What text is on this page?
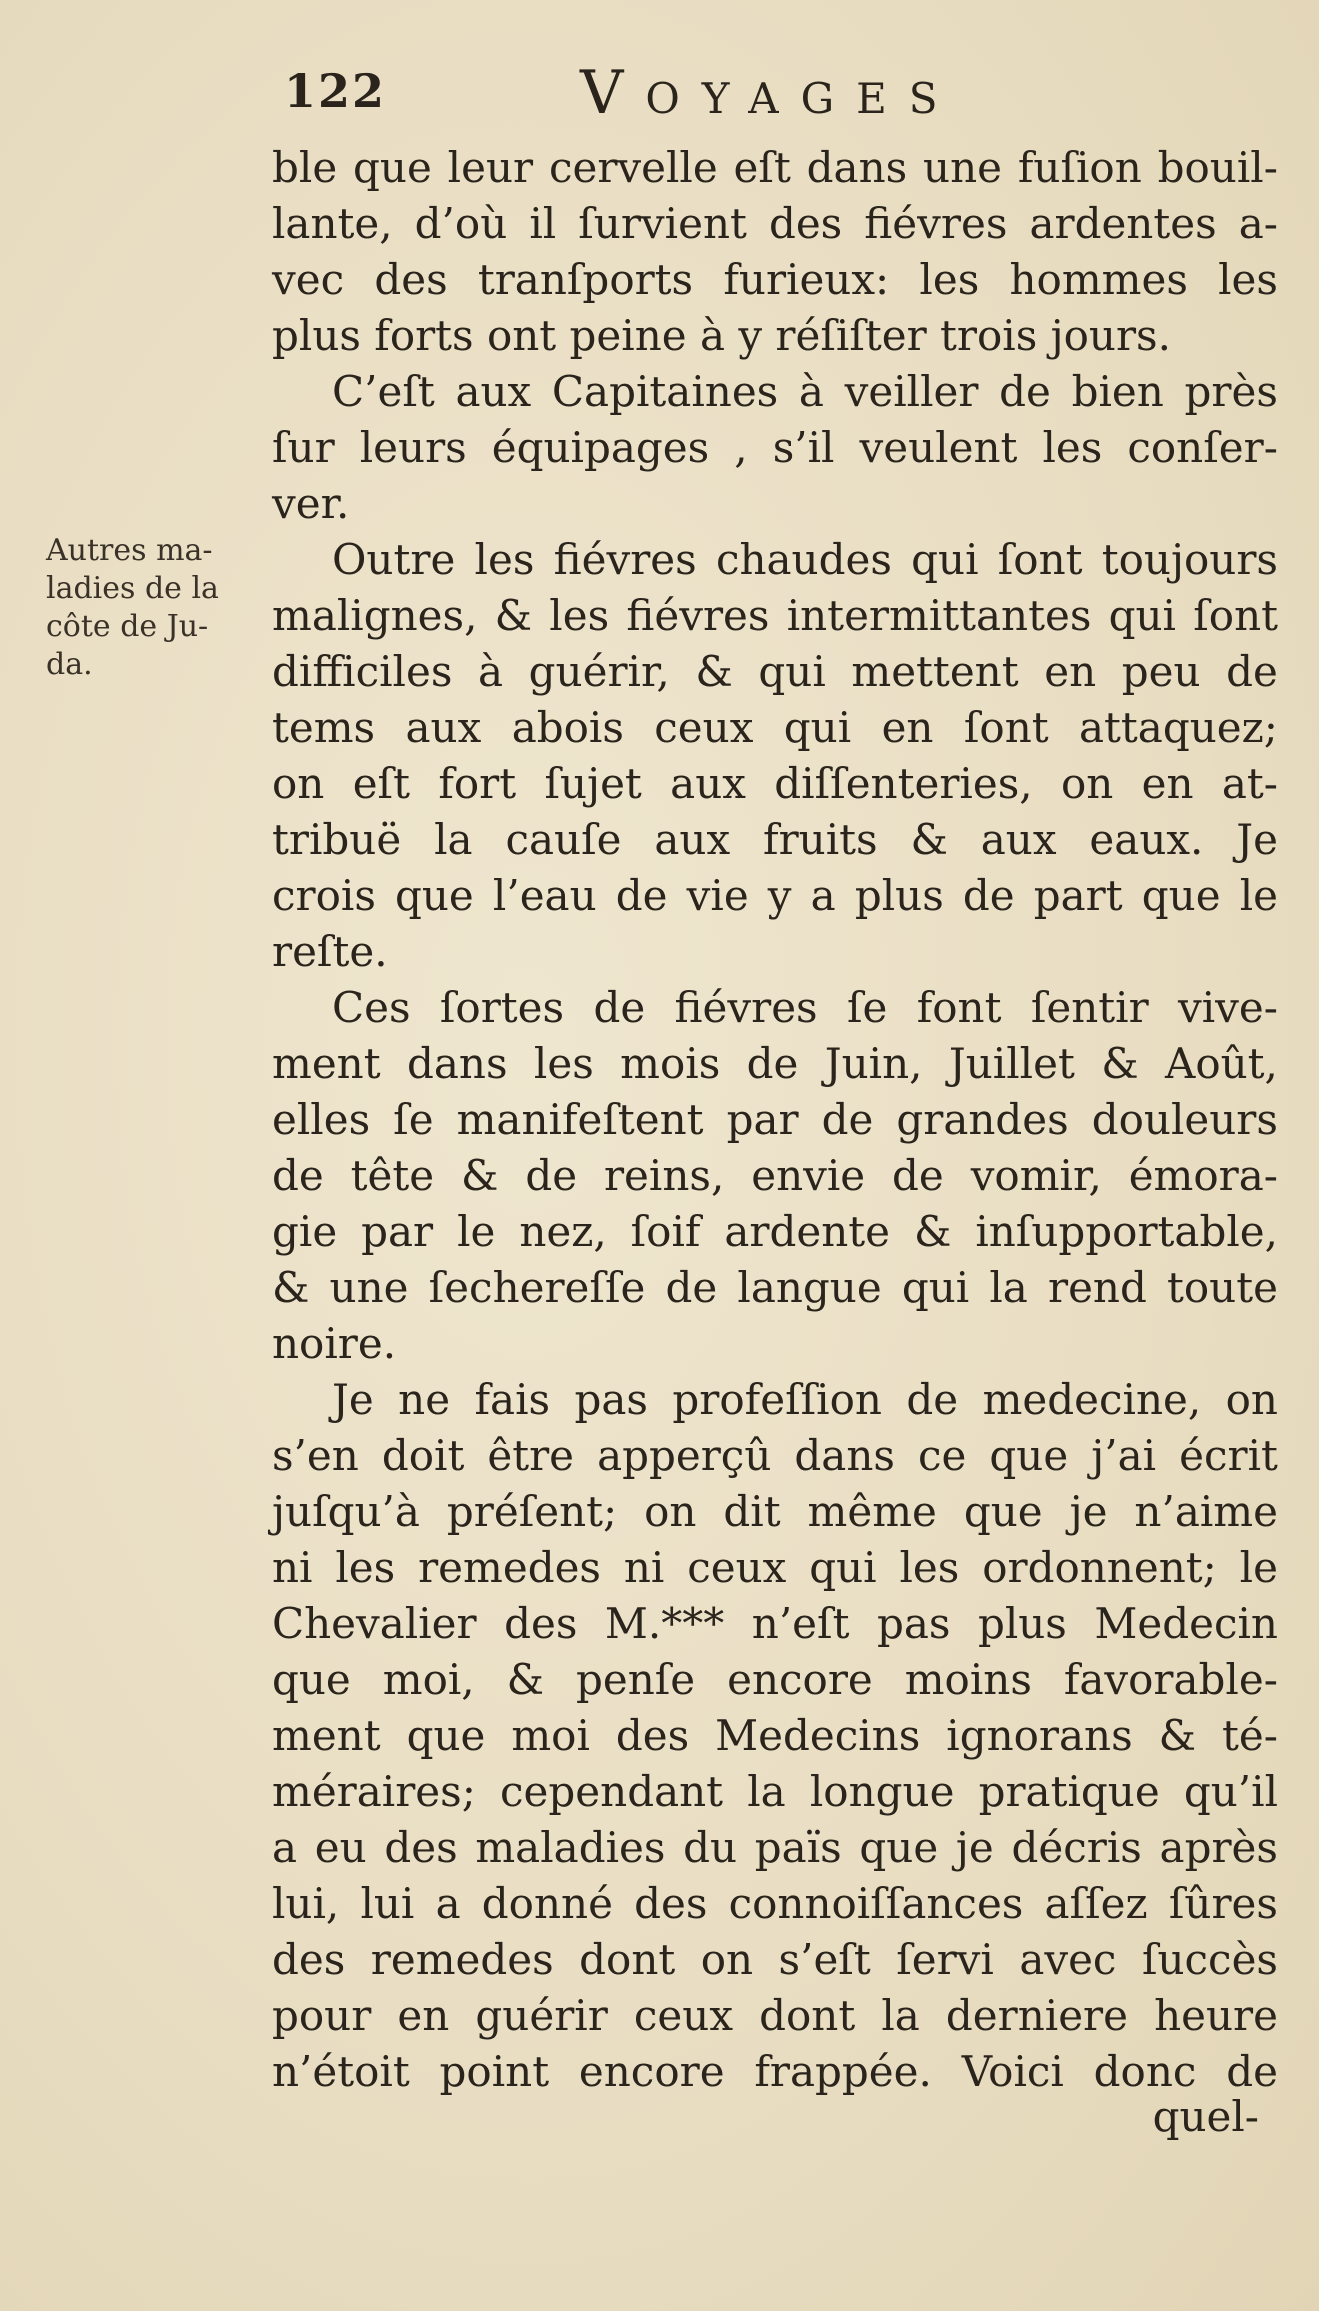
122	VOYAGES
Autres ma-
ladies de la
côte de Ju-
da.
ble que leur cervelle eſt dans une fuſion bouil-
lante, d’où il ſurvient des fiévres ardentes a-
vec des tranſports furieux: les hommes les
plus forts ont peine à y réſiſter trois jours.
C’eſt aux Capitaines à veiller de bien près
ſur leurs équipages , s’il veulent les conſer-
ver.
Outre les fiévres chaudes qui ſont toujours
malignes, & les fiévres intermittantes qui ſont
difficiles à guérir, & qui mettent en peu de
tems aux abois ceux qui en ſont attaquez;
on eſt fort ſujet aux diſſenteries, on en at-
tribuë la cauſe aux fruits & aux eaux. Je
crois que l’eau de vie y a plus de part que le
reſte.
Ces ſortes de fiévres ſe font ſentir vive-
ment dans les mois de Juin, Juillet & Août,
elles ſe manifeſtent par de grandes douleurs
de tête & de reins, envie de vomir, émora-
gie par le nez, ſoif ardente & inſupportable,
& une ſechereſſe de langue qui la rend toute
noire.
Je ne fais pas profeſſion de medecine, on
s’en doit être apperçû dans ce que j’ai écrit
juſqu’à préſent; on dit même que je n’aime
ni les remedes ni ceux qui les ordonnent; le
Chevalier des M.*** n’eſt pas plus Medecin
que moi, & penſe encore moins favorable-
ment que moi des Medecins ignorans & té-
méraires; cependant la longue pratique qu’il
a eu des maladies du païs que je décris après
lui, lui a donné des connoiſſances aſſez ſûres
des remedes dont on s’eſt ſervi avec ſuccès
pour en guérir ceux dont la derniere heure
n’étoit point encore frappée. Voici donc de
quel-
